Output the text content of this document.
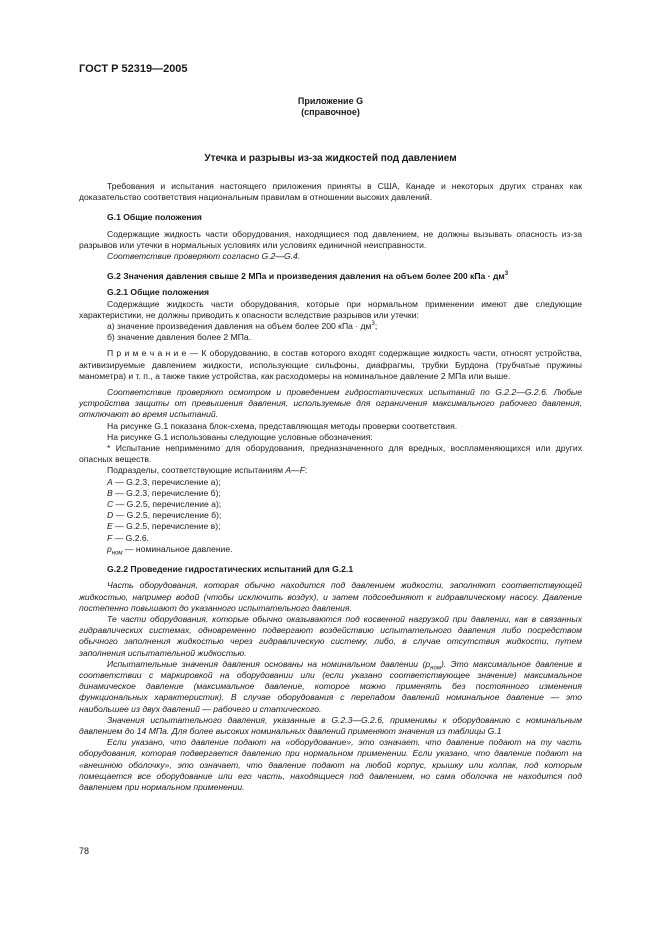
ГОСТ Р 52319—2005
Приложение G
(справочное)
Утечка и разрывы из-за жидкостей под давлением

Требования и испытания настоящего приложения приняты в США, Канаде и некоторых других странах как доказательство соответствия национальным правилам в отношении высоких давлений.

G.1 Общие положения

Содержащие жидкость части оборудования, находящиеся под давлением, не должны вызывать опасность из-за разрывов или утечки в нормальных условиях или условиях единичной неисправности.

Соответствие проверяют согласно G.2—G.4.

G.2 Значения давления свыше 2 МПа и произведения давления на объем более 200 кПа · $дм^3$

G.2.1 Общие положения

Содержащие жидкость части оборудования, которые при нормальном применении имеют две следующие характеристики, не должны приводить к опасности вследствие разрывов или утечки:

а) значение произведения давления на объем более 200 кПа · $дм^3$;

б) значение давления более 2 МПа.

П р и м е ч а н и е — К оборудованию, в состав которого входят содержащие жидкость части, относят устройства, активизируемые давлением жидкости, использующие сильфоны, диафрагмы, трубки Бурдона (трубчатые пружины манометра) и т. п., а также такие устройства, как расходомеры на номинальное давление 2 МПа или выше.

Соответствие проверяют осмотром и проведением гидростатических испытаний по G.2.2—G.2.6. Любые устройства защиты от превышения давления, используемые для ограничения максимального рабочего давления, отключают во время испытаний.

На рисунке G.1 показана блок-схема, представляющая методы проверки соответствия.

На рисунке G.1 использованы следующие условные обозначения:

* Испытание неприменимо для оборудования, предназначенного для вредных, воспламеняющихся или других опасных веществ.

Подразделы, соответствующие испытаниям A—F:

A — G.2.3, перечисление а);

B — G.2.3, перечисление б);

C — G.2.5, перечисление а);

D — G.2.5, перечисление б);

E — G.2.5, перечисление в);

F — G.2.6.

$p_{ном}$ — номинальное давление.

G.2.2 Проведение гидростатических испытаний для G.2.1

Часть оборудования, которая обычно находится под давлением жидкости, заполняют соответствующей жидкостью, например водой (чтобы исключить воздух), и затем подсоединяют к гидравлическому насосу. Давление постепенно повышают до указанного испытательного давления.

Те части оборудования, которые обычно оказываются под косвенной нагрузкой при давлении, как в связанных гидравлических системах, одновременно подвергают воздействию испытательного давления либо посредством обычного заполнения жидкостью через гидравлическую систему, либо, в случае отсутствия жидкости, путем заполнения испытательной жидкостью.

Испытательные значения давления основаны на номинальном давлении $(p_{ном})$. Это максимальное давление в соответствии с маркировкой на оборудовании или (если указано соответствующее значение) максимальное динамическое давление (максимальное давление, которое можно применять без постоянного изменения функциональных характеристик). В случае оборудования с перепадом давлений номинальное давление — это наибольшее из двух давлений — рабочего и статического.

Значения испытательного давления, указанные в G.2.3—G.2.6, применимы к оборудованию с номинальным давлением до 14 МПа. Для более высоких номинальных давлений применяют значения из таблицы G.1

Если указано, что давление подают на «оборудование», это означает, что давление подают на ту часть оборудования, которая подвергается давлению при нормальном применении. Если указано, что давление подают на «внешнюю оболочку», это означает, что давление подают на любой корпус, крышку или колпак, под которым помещается все оборудование или его часть, находящиеся под давлением, но сама оболочка не находится под давлением при нормальном применении.

78
